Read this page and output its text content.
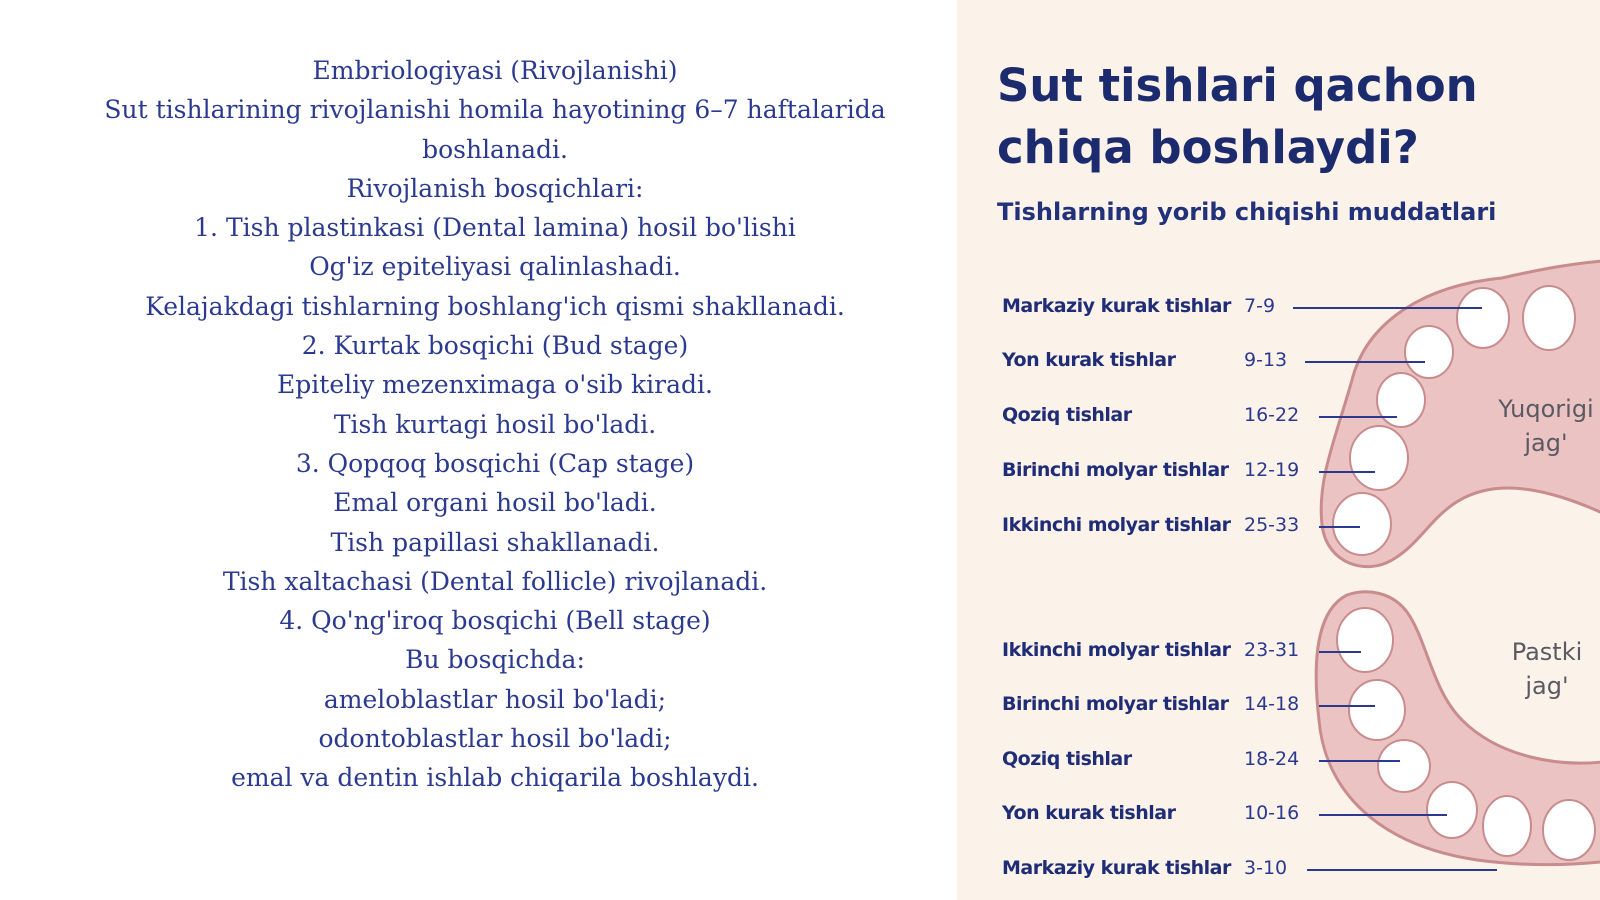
Embriologiyasi (Rivojlanishi)
Sut tishlarining rivojlanishi homila hayotining 6–7 haftalarida boshlanadi.
Rivojlanish bosqichlari:
1. Tish plastinkasi (Dental lamina) hosil bo'lishi
Og'iz epiteliyasi qalinlashadi.
Kelajakdagi tishlarning boshlang'ich qismi shakllanadi.
2. Kurtak bosqichi (Bud stage)
Epiteliy mezenximaga o'sib kiradi.
Tish kurtagi hosil bo'ladi.
3. Qopqoq bosqichi (Cap stage)
Emal organi hosil bo'ladi.
Tish papillasi shakllanadi.
Tish xaltachasi (Dental follicle) rivojlanadi.
4. Qo'ng'iroq bosqichi (Bell stage)
Bu bosqichda:
ameloblastlar hosil bo'ladi;
odontoblastlar hosil bo'ladi;
emal va dentin ishlab chiqarila boshlaydi.
Sut tishlari qachon chiqa boshlaydi?
Tishlarning yorib chiqishi muddatlari
Yuqorigi jag'
Pastki jag'
Markaziy kurak tishlar 7-9
Yon kurak tishlar	9-13
Qoziq tishlar	16-22
Birinchi molyar tishlar 12-19
Ikkinchi molyar tishlar 25-33
Ikkinchi molyar tishlar 23-31
Birinchi molyar tishlar 14-18
Qoziq tishlar	18-24
Yon kurak tishlar	10-16
Markaziy kurak tishlar 3-10
